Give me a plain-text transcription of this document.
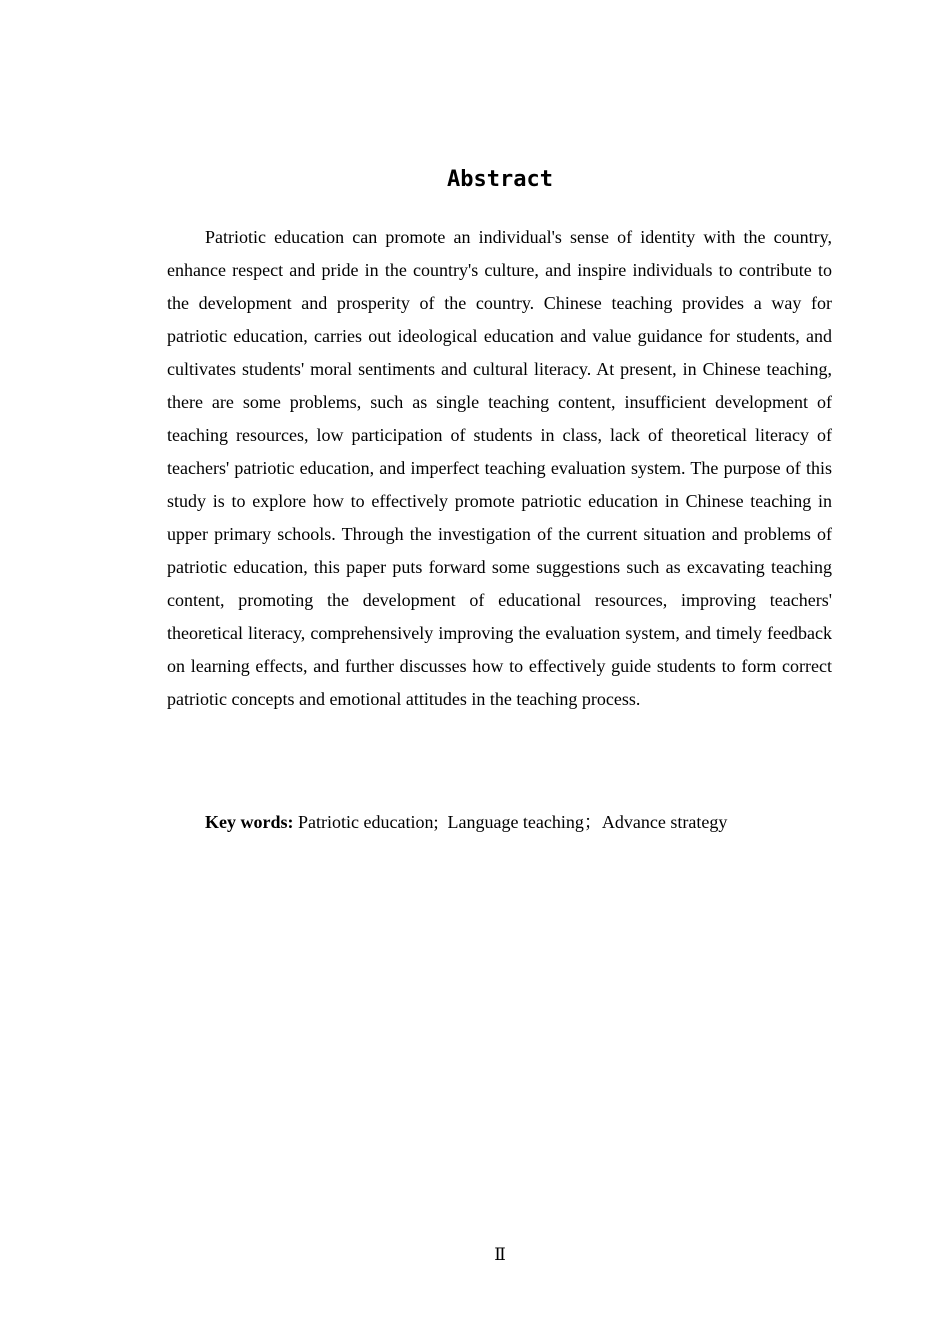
Abstract

Patriotic education can promote an individual's sense of identity with the country, enhance respect and pride in the country's culture, and inspire individuals to contribute to the development and prosperity of the country. Chinese teaching provides a way for patriotic education, carries out ideological education and value guidance for students, and cultivates students' moral sentiments and cultural literacy. At present, in Chinese teaching, there are some problems, such as single teaching content, insufficient development of teaching resources, low participation of students in class, lack of theoretical literacy of teachers' patriotic education, and imperfect teaching evaluation system. The purpose of this study is to explore how to effectively promote patriotic education in Chinese teaching in upper primary schools. Through the investigation of the current situation and problems of patriotic education, this paper puts forward some suggestions such as excavating teaching content, promoting the development of educational resources, improving teachers' theoretical literacy, comprehensively improving the evaluation system, and timely feedback on learning effects, and further discusses how to effectively guide students to form correct patriotic concepts and emotional attitudes in the teaching process.

Key words: Patriotic education; Language teaching；Advance strategy

Ⅱ
